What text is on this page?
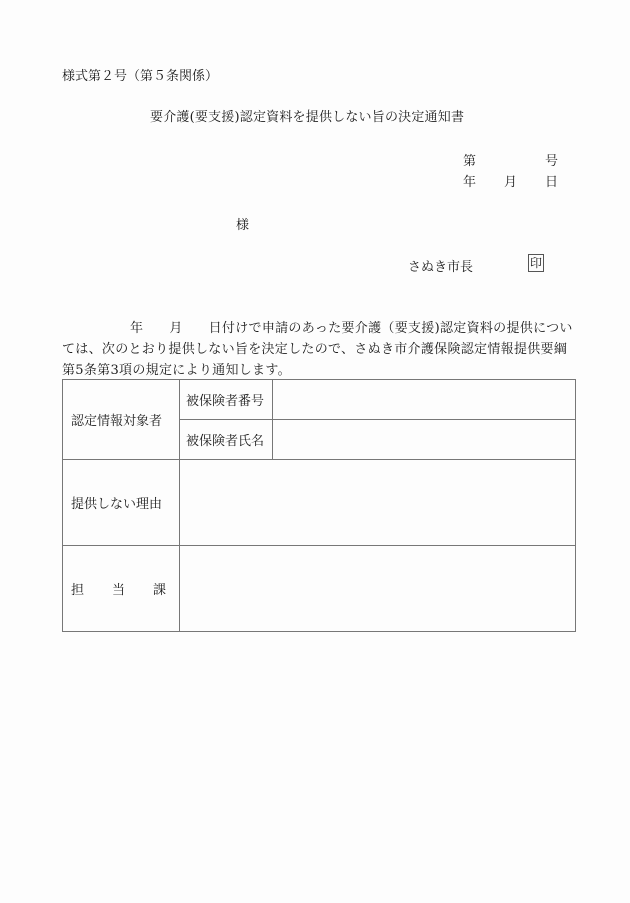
様式第２号（第５条関係）
要介護(要支援)認定資料を提供しない旨の決定通知書
第	号
年 月 日
様
さぬき市長	印
年 月 日付けで申請のあった要介護（要支援)認定資料の提供については、次のとおり提供しない旨を決定したので、さぬき市介護保険認定情報提供要綱第5条第3項の規定により通知します。
認定情報対象者	被保険者番号	
	被保険者氏名	
提供しない理由		

担 当 課		
